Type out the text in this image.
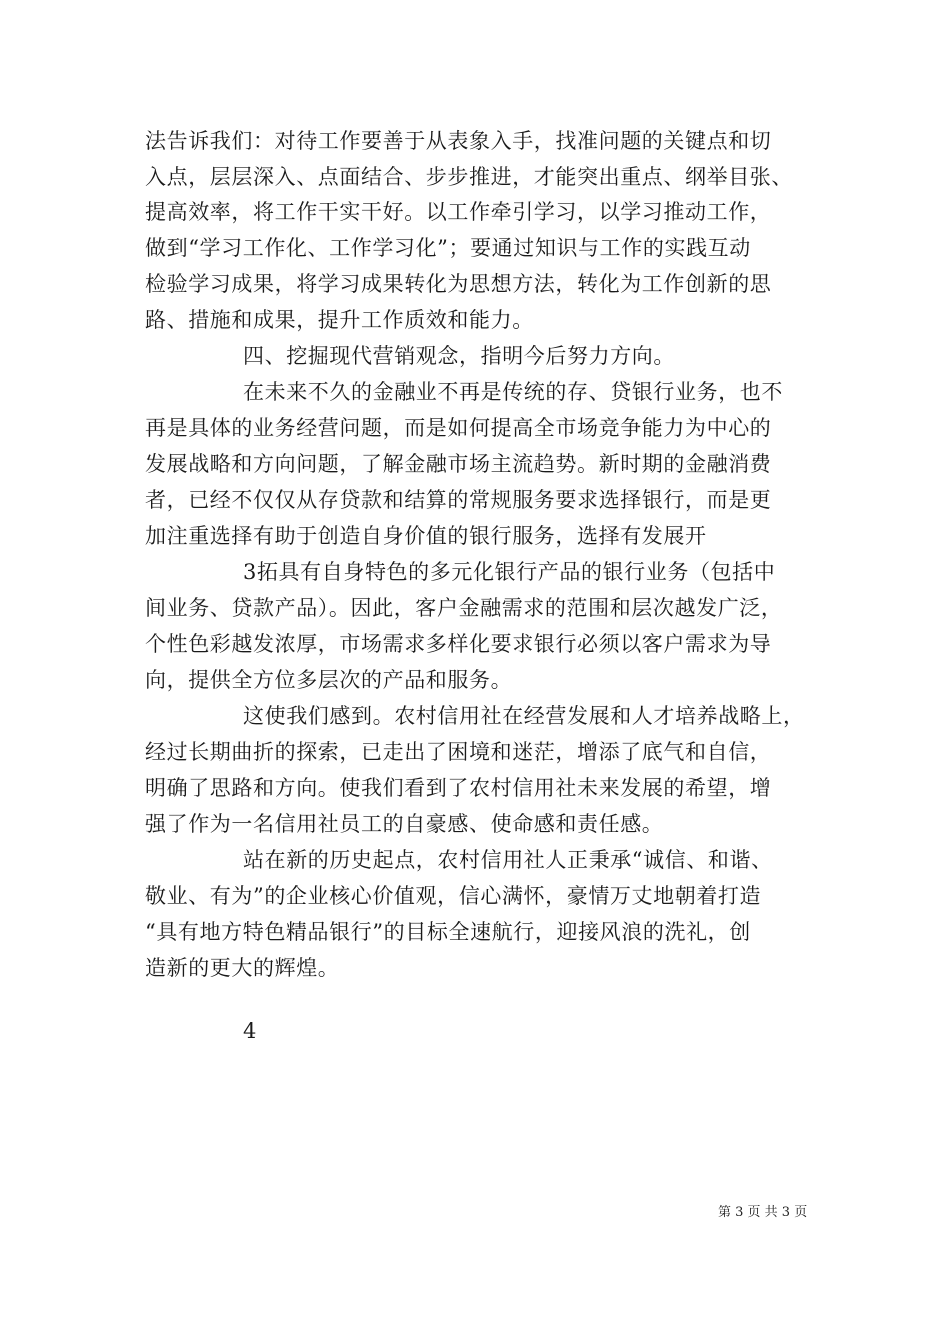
法告诉我们：对待工作要善于从表象入手，找准问题的关键点和切
入点，层层深入、点面结合、步步推进，才能突出重点、纲举目张、
提高效率，将工作干实干好。以工作牵引学习，以学习推动工作，
做到“学习工作化、工作学习化”；要通过知识与工作的实践互动
检验学习成果，将学习成果转化为思想方法，转化为工作创新的思
路、措施和成果，提升工作质效和能力。
四、挖掘现代营销观念，指明今后努力方向。
在未来不久的金融业不再是传统的存、贷银行业务，也不
再是具体的业务经营问题，而是如何提高全市场竞争能力为中心的
发展战略和方向问题，了解金融市场主流趋势。新时期的金融消费
者，已经不仅仅从存贷款和结算的常规服务要求选择银行，而是更
加注重选择有助于创造自身价值的银行服务，选择有发展开
3拓具有自身特色的多元化银行产品的银行业务（包括中
间业务、贷款产品）。因此，客户金融需求的范围和层次越发广泛，
个性色彩越发浓厚，市场需求多样化要求银行必须以客户需求为导
向，提供全方位多层次的产品和服务。
这使我们感到。农村信用社在经营发展和人才培养战略上，
经过长期曲折的探索，已走出了困境和迷茫，增添了底气和自信，
明确了思路和方向。使我们看到了农村信用社未来发展的希望，增
强了作为一名信用社员工的自豪感、使命感和责任感。
站在新的历史起点，农村信用社人正秉承“诚信、和谐、
敬业、有为”的企业核心价值观，信心满怀，豪情万丈地朝着打造
“具有地方特色精品银行”的目标全速航行，迎接风浪的洗礼，创
造新的更大的辉煌。
4
第 3 页 共 3 页
